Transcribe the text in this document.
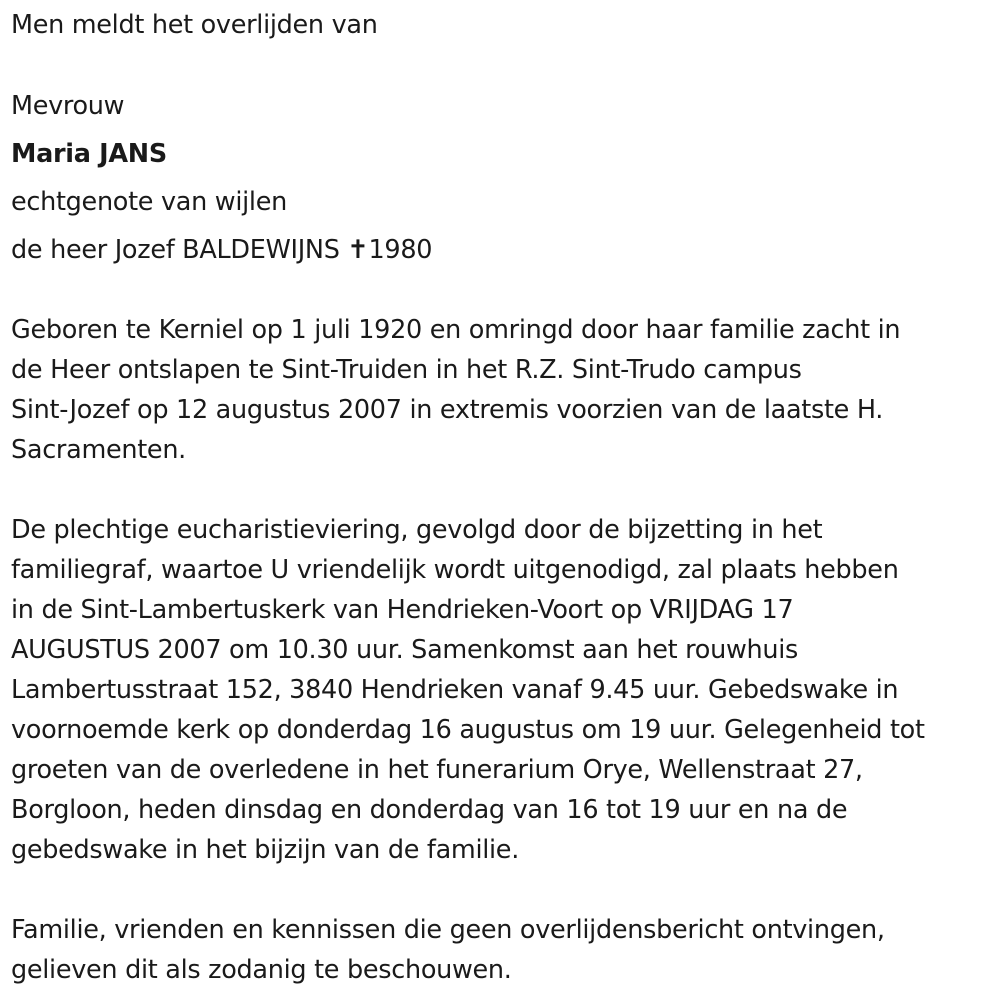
Men meldt het overlijden van

Mevrouw

Maria JANS

echtgenote van wijlen

de heer Jozef BALDEWIJNS ✝1980

Geboren te Kerniel op 1 juli 1920 en omringd door haar familie zacht in
de Heer ontslapen te Sint-Truiden in het R.Z. Sint-Trudo campus
Sint-Jozef op 12 augustus 2007 in extremis voorzien van de laatste H.
Sacramenten.
De plechtige eucharistieviering, gevolgd door de bijzetting in het
familiegraf, waartoe U vriendelijk wordt uitgenodigd, zal plaats hebben
in de Sint-Lambertuskerk van Hendrieken-Voort op VRIJDAG 17
AUGUSTUS 2007 om 10.30 uur. Samenkomst aan het rouwhuis
Lambertusstraat 152, 3840 Hendrieken vanaf 9.45 uur. Gebedswake in
voornoemde kerk op donderdag 16 augustus om 19 uur. Gelegenheid tot
groeten van de overledene in het funerarium Orye, Wellenstraat 27,
Borgloon, heden dinsdag en donderdag van 16 tot 19 uur en na de
gebedswake in het bijzijn van de familie.
Familie, vrienden en kennissen die geen overlijdensbericht ontvingen,
gelieven dit als zodanig te beschouwen.
